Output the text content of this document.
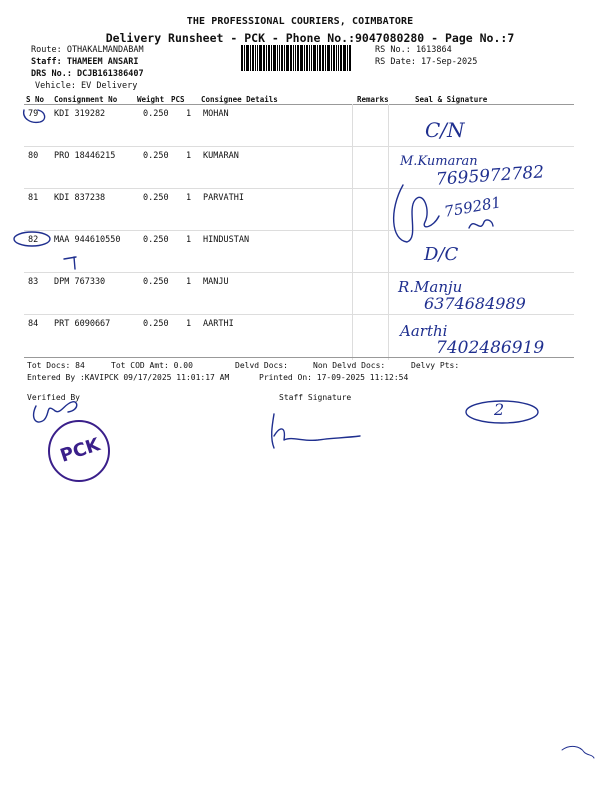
THE PROFESSIONAL COURIERS, COIMBATORE
Delivery Runsheet - PCK - Phone No.:9047080280 - Page No.:7
Route: OTHAKALMANDABAM
Staff: THAMEEM ANSARI
DRS No.: DCJB161386407
Vehicle: EV Delivery
RS No.: 1613864
RS Date: 17-Sep-2025
S No Consignment No	Weight PCS Consignee Details	Remarks	Seal & Signature
79 KDI 319282	0.250 1 MOHAN
80 PRO 18446215	0.250 1 KUMARAN
81 KDI 837238	0.250 1 PARVATHI
82 MAA 944610550	0.250 1 HINDUSTAN
83 DPM 767330	0.250 1 MANJU
84 PRT 6090667	0.250 1 AARTHI
Tot Docs: 84	Tot COD Amt: 0.00	Delvd Docs:	Non Delvd Docs:	Delvy Pts:
Entered By :KAVIPCK 09/17/2025 11:01:17 AM	Printed On: 17-09-2025 11:12:54
Verified By	Staff Signature
C/N
M.Kumaran
7695972782
759281
D/C
R.Manju
6374684989
Aarthi
7402486919
2
PCK
